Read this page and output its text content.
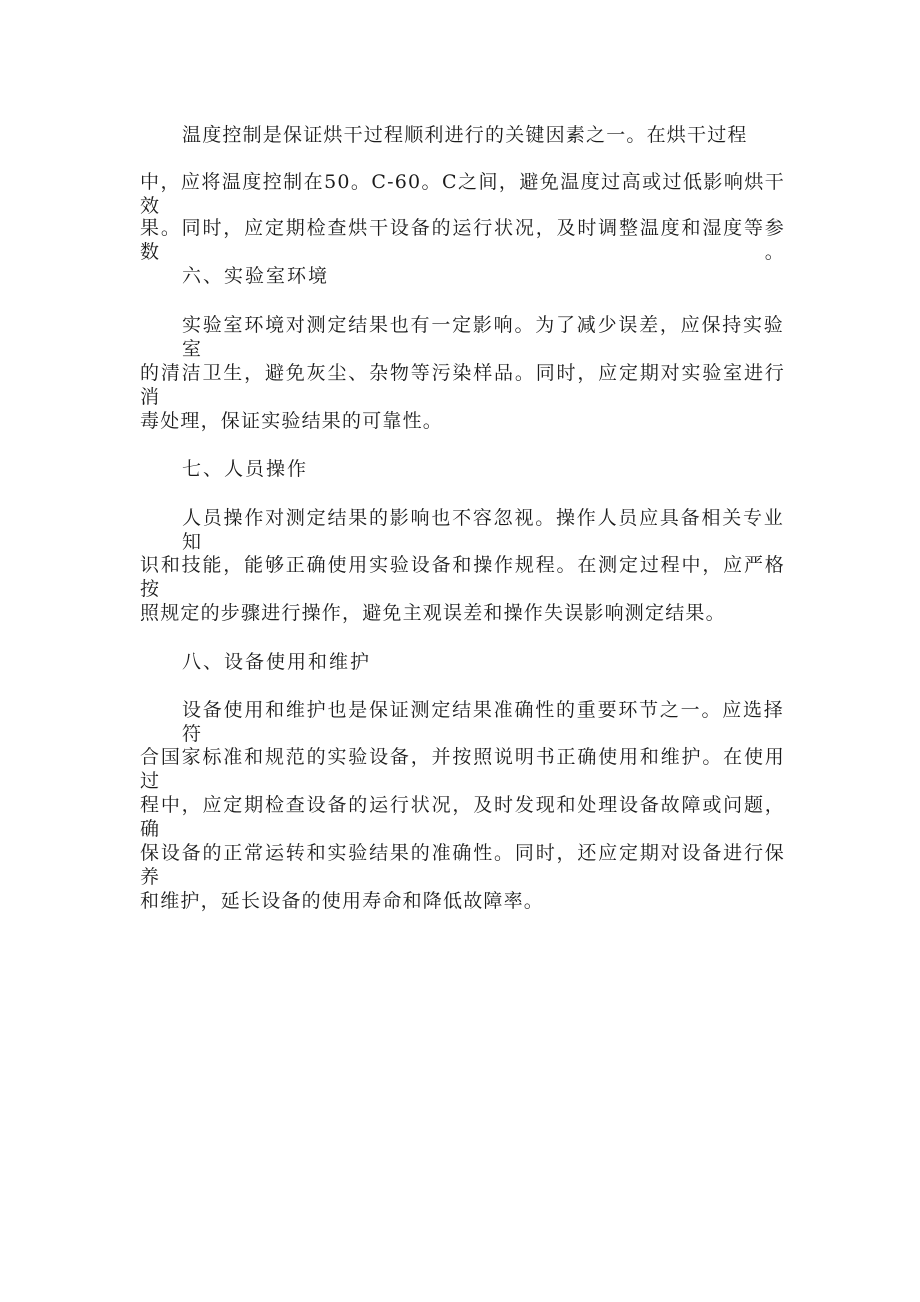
温度控制是保证烘干过程顺利进行的关键因素之一。在烘干过程
中，应将温度控制在50。C-60。C之间，避免温度过高或过低影响烘干效
果。同时，应定期检查烘干设备的运行状况，及时调整温度和湿度等参数。
六、实验室环境
实验室环境对测定结果也有一定影响。为了减少误差，应保持实验室
的清洁卫生，避免灰尘、杂物等污染样品。同时，应定期对实验室进行消
毒处理，保证实验结果的可靠性。
七、人员操作
人员操作对测定结果的影响也不容忽视。操作人员应具备相关专业知
识和技能，能够正确使用实验设备和操作规程。在测定过程中，应严格按
照规定的步骤进行操作，避免主观误差和操作失误影响测定结果。
八、设备使用和维护
设备使用和维护也是保证测定结果准确性的重要环节之一。应选择符
合国家标准和规范的实验设备，并按照说明书正确使用和维护。在使用过
程中，应定期检查设备的运行状况，及时发现和处理设备故障或问题，确
保设备的正常运转和实验结果的准确性。同时，还应定期对设备进行保养
和维护，延长设备的使用寿命和降低故障率。
